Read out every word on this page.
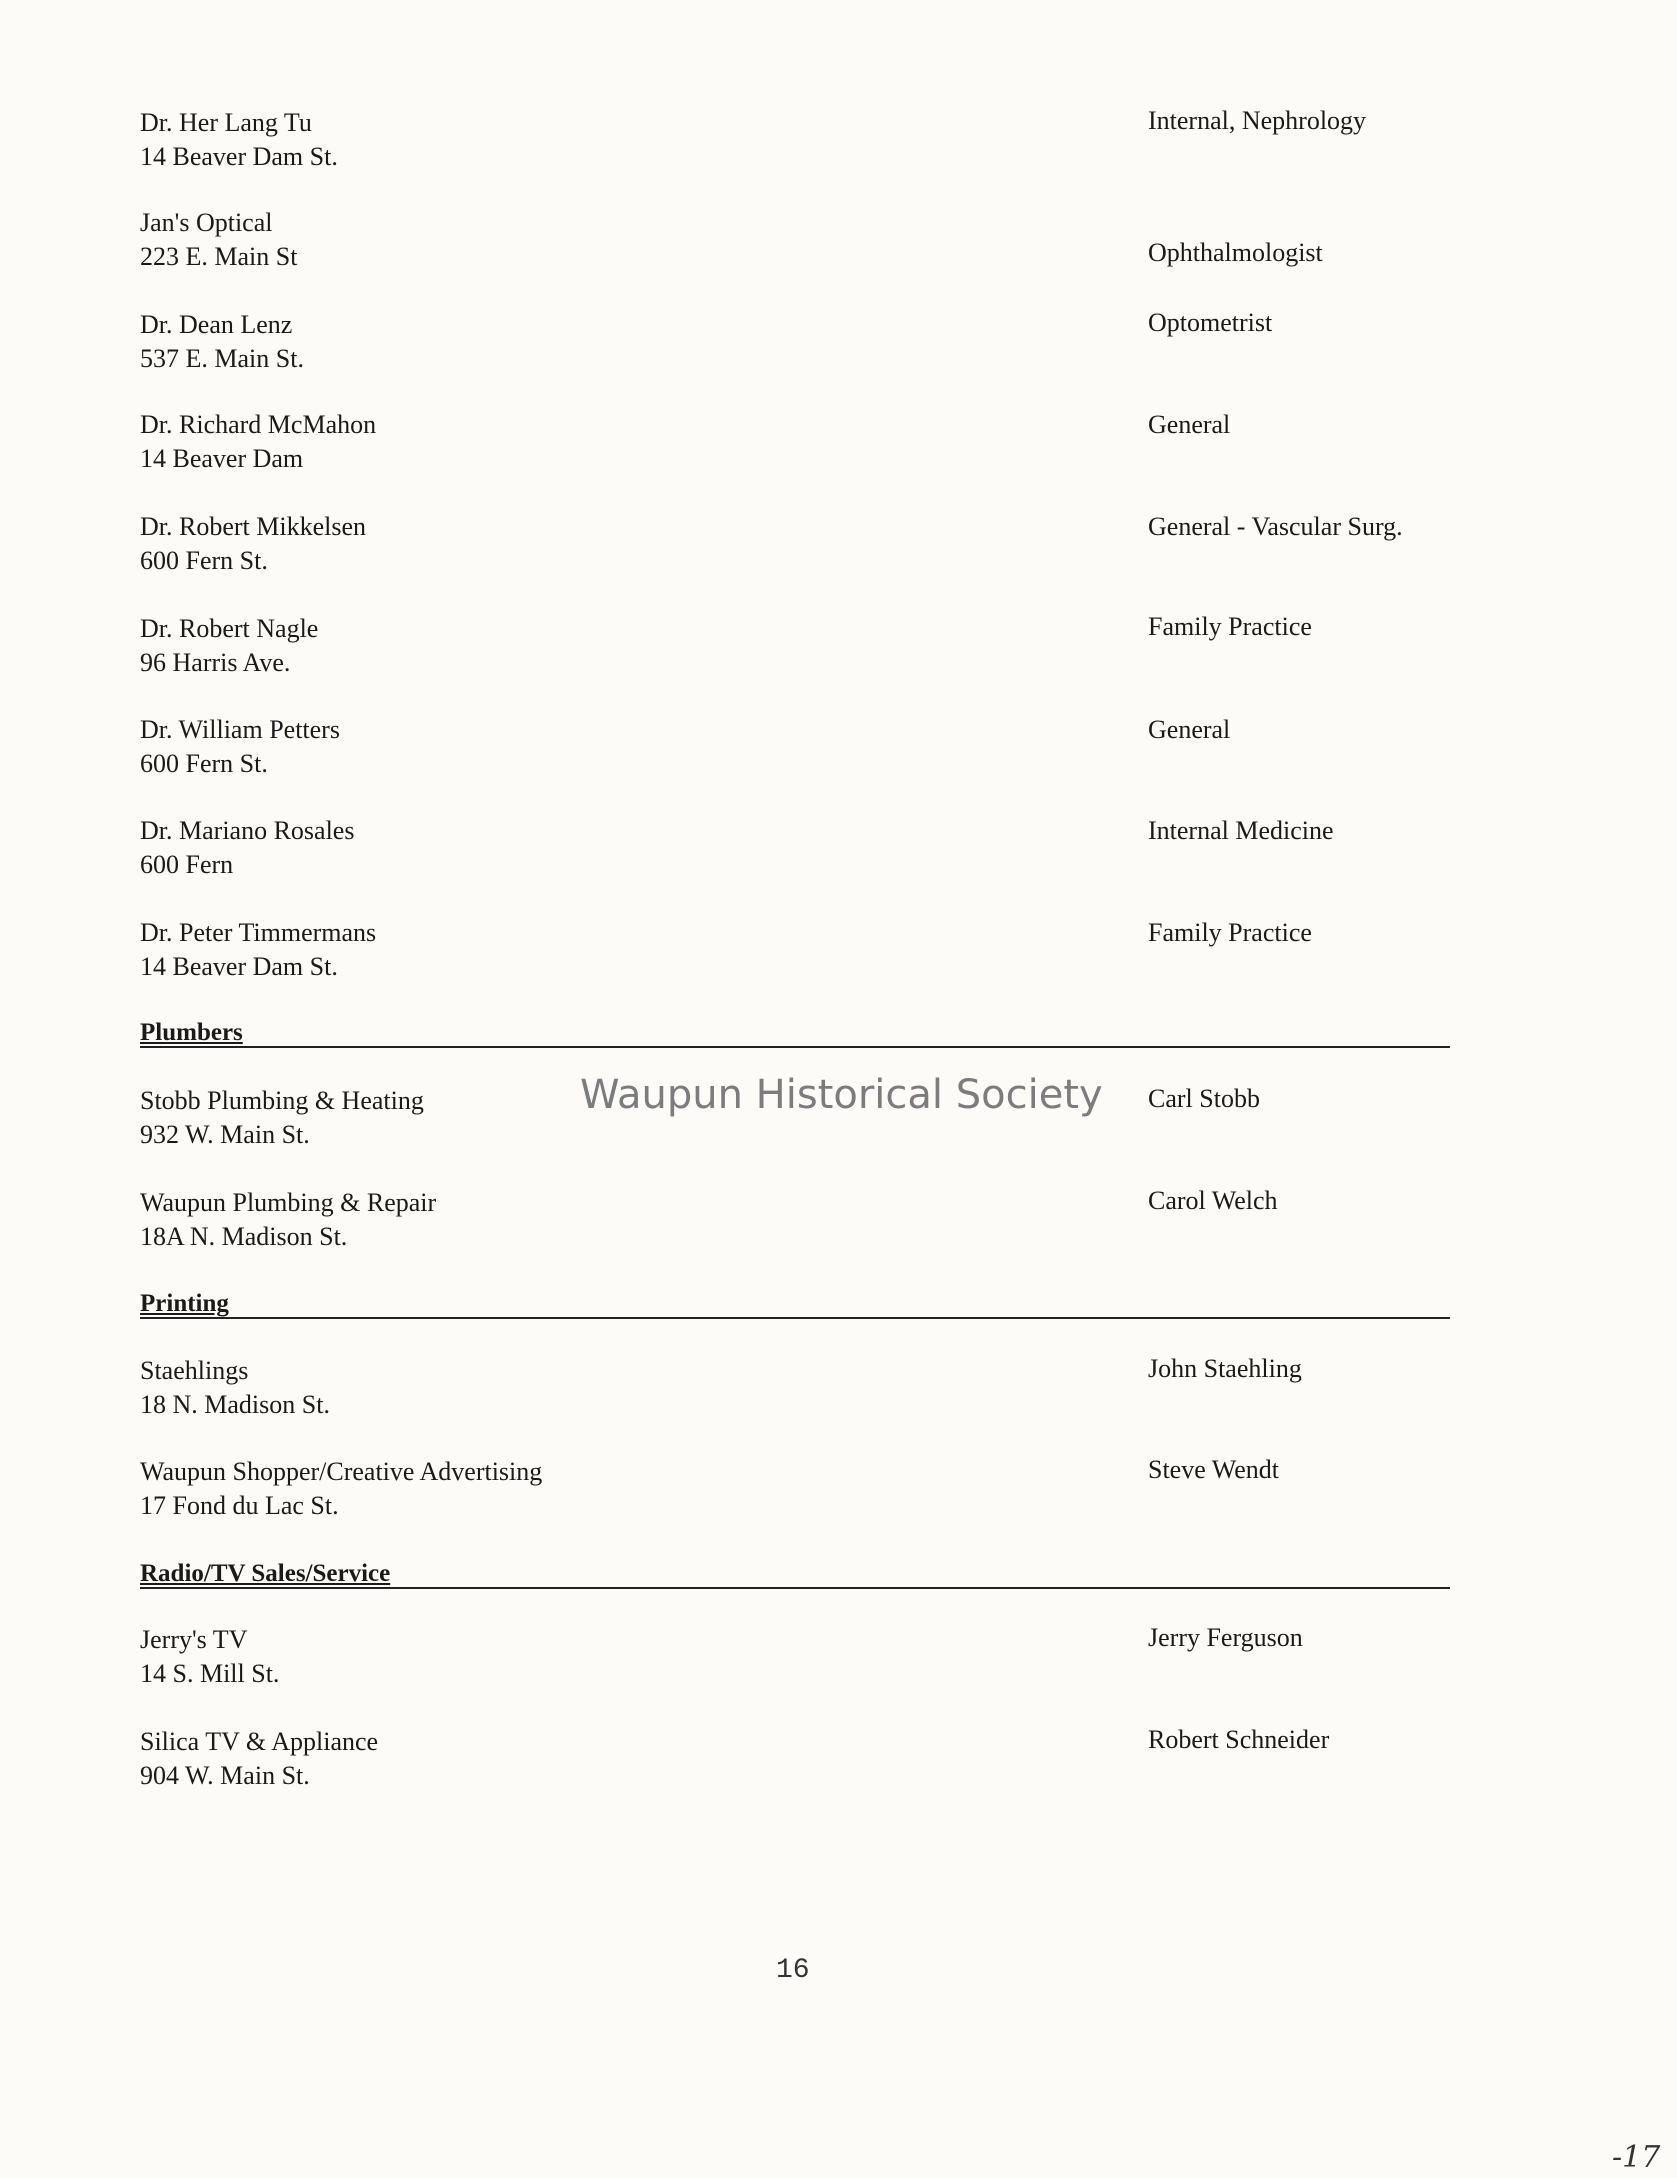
Dr. Her Lang Tu
14 Beaver Dam St.
Internal, Nephrology
Jan's Optical
223 E. Main St	Ophthalmologist
Dr. Dean Lenz
537 E. Main St.
Optometrist
Dr. Richard McMahon
14 Beaver Dam
General
Dr. Robert Mikkelsen
600 Fern St.
General - Vascular Surg.
Dr. Robert Nagle
96 Harris Ave.
Family Practice
Dr. William Petters
600 Fern St.
General
Dr. Mariano Rosales
600 Fern
Internal Medicine
Dr. Peter Timmermans
14 Beaver Dam St.
Family Practice
Plumbers
Stobb Plumbing & Heating
932 W. Main St.
Carl Stobb
Waupun Plumbing & Repair
18A N. Madison St.
Carol Welch
Printing
Staehlings
18 N. Madison St.
John Staehling
Waupun Shopper/Creative Advertising
17 Fond du Lac St.
Steve Wendt
Radio/TV Sales/Service
Jerry's TV
14 S. Mill St.
Jerry Ferguson
Silica TV & Appliance
904 W. Main St.
Robert Schneider
Waupun Historical Society
16
-17
